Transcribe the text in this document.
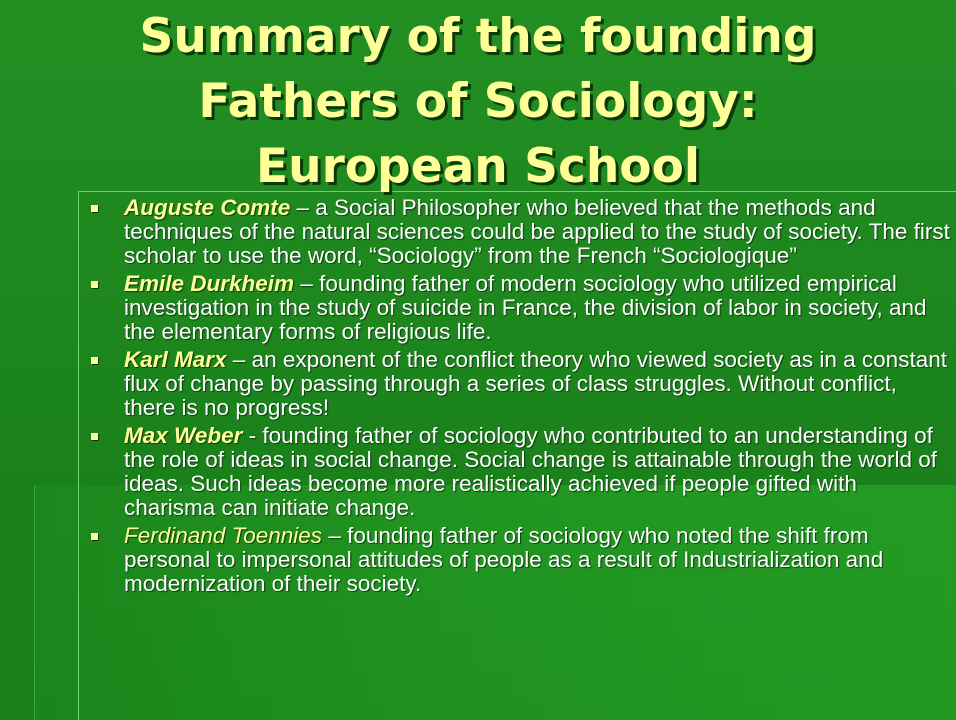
Summary of the founding
Fathers of Sociology:
European School
Auguste Comte – a Social Philosopher who believed that the methods and techniques of the natural sciences could be applied to the study of society. The first scholar to use the word, “Sociology” from the French “Sociologique”
Emile Durkheim – founding father of modern sociology who utilized empirical investigation in the study of suicide in France, the division of labor in society, and the elementary forms of religious life.
Karl Marx – an exponent of the conflict theory who viewed society as in a constant flux of change by passing through a series of class struggles. Without conflict, there is no progress!
Max Weber - founding father of sociology who contributed to an understanding of the role of ideas in social change. Social change is attainable through the world of ideas. Such ideas become more realistically achieved if people gifted with charisma can initiate change.
Ferdinand Toennies – founding father of sociology who noted the shift from personal to impersonal attitudes of people as a result of Industrialization and modernization of their society.
